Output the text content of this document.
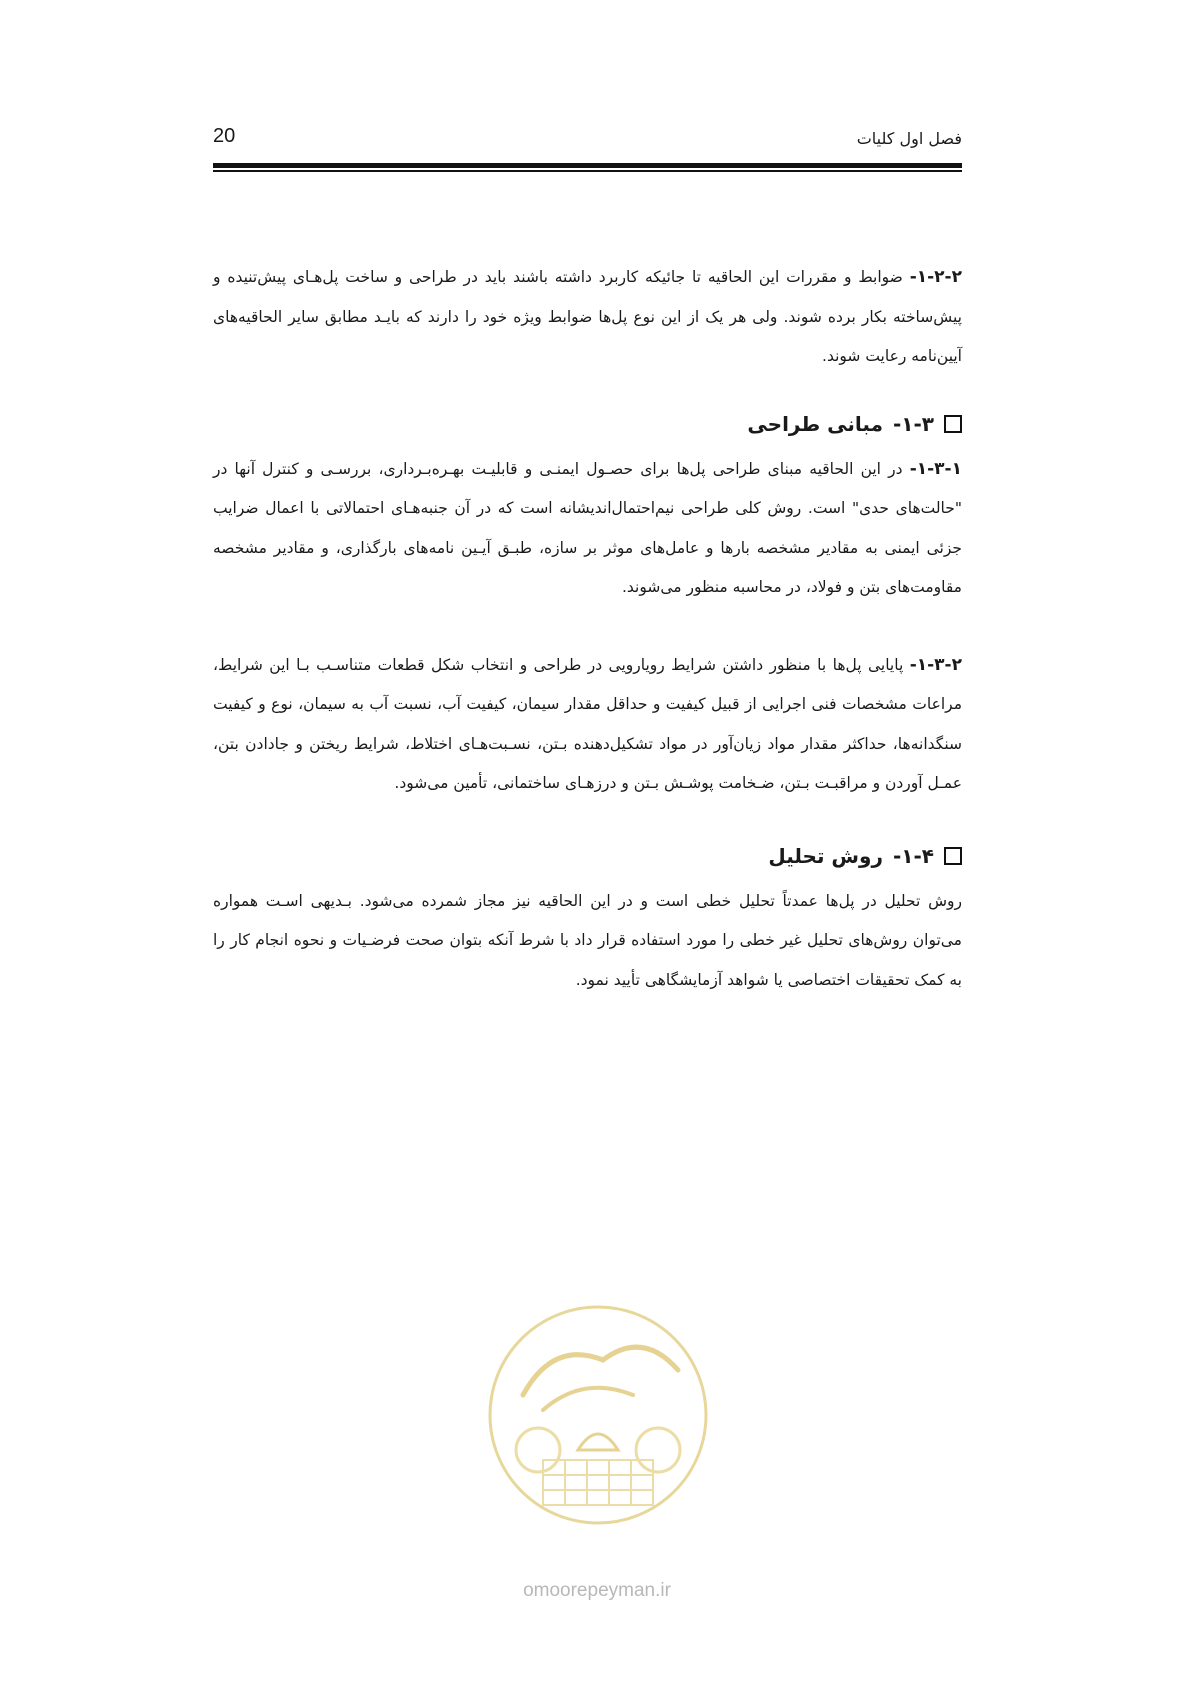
20	فصل اول کلیات

۱-۲-۲- ضوابط و مقررات این الحاقیه تا جائیکه کاربرد داشته باشند باید در طراحی و ساخت پل‌هـای پیش‌تنیده و پیش‌ساخته بکار برده شوند. ولی هر یک از این نوع پل‌ها ضوابط ویژه خود را دارند که بایـد مطابق سایر الحاقیه‌های آیین‌نامه رعایت شوند.

۱-۳-
مبانی طراحی

۱-۳-۱- در این الحاقیه مبنای طراحی پل‌ها برای حصـول ایمنـی و قابلیـت بهـره‌بـرداری، بررسـی و کنترل آنها در "حالت‌های حدی" است. روش کلی طراحی نیم‌احتمال‌اندیشانه است که در آن جنبه‌هـای احتمالاتی با اعمال ضرایب جزئی ایمنی به مقادیر مشخصه بارها و عامل‌های موثر بر سازه، طبـق آیـین نامه‌های بارگذاری، و مقادیر مشخصه مقاومت‌های بتن و فولاد، در محاسبه منظور می‌شوند.

۱-۳-۲- پایایی پل‌ها با منظور داشتن شرایط رویارویی در طراحی و انتخاب شکل قطعات متناسـب بـا این شرایط، مراعات مشخصات فنی اجرایی از قبیل کیفیت و حداقل مقدار سیمان، کیفیت آب، نسبت آب به سیمان، نوع و کیفیت سنگدانه‌ها، حداکثر مقدار مواد زیان‌آور در مواد تشکیل‌دهنده بـتن، نسـبت‌هـای اختلاط، شرایط ریختن و جادادن بتن، عمـل آوردن و مراقبـت بـتن، ضـخامت پوشـش بـتن و درزهـای ساختمانی، تأمین می‌شود.

۱-۴-
روش تحلیل

روش تحلیل در پل‌ها عمدتاً تحلیل خطی است و در این الحاقیه نیز مجاز شمرده می‌شود. بـدیهی اسـت همواره می‌توان روش‌های تحلیل غیر خطی را مورد استفاده قرار داد با شرط آنکه بتوان صحت فرضـیات و نحوه انجام کار را به کمک تحقیقات اختصاصی یا شواهد آزمایشگاهی تأیید نمود.

omoorepeyman.ir
